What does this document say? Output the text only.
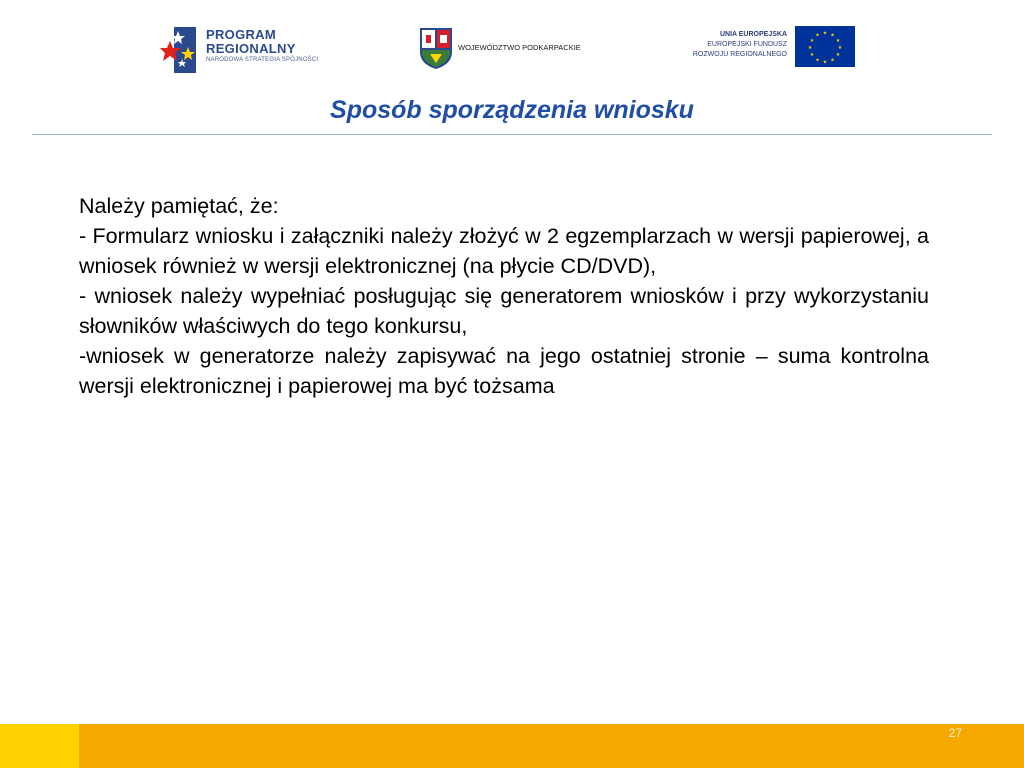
PROGRAM
REGIONALNY
NARODOWA STRATEGIA SPÓJNOŚCI
WOJEWÓDZTWO PODKARPACKIE
UNIA EUROPEJSKA
EUROPEJSKI FUNDUSZ
ROZWOJU REGIONALNEGO
★ ★
★
★
★
★
★
★
★
★
★
★
Sposób sporządzenia wniosku

Należy pamiętać, że:

- Formularz wniosku i załączniki należy złożyć w 2 egzemplarzach w wersji papierowej, a wniosek również w wersji elektronicznej (na płycie CD/DVD),

- wniosek należy wypełniać posługując się generatorem wniosków i przy wykorzystaniu słowników właściwych do tego konkursu,

-wniosek w generatorze należy zapisywać na jego ostatniej stronie – suma kontrolna wersji elektronicznej i papierowej ma być tożsama

27
